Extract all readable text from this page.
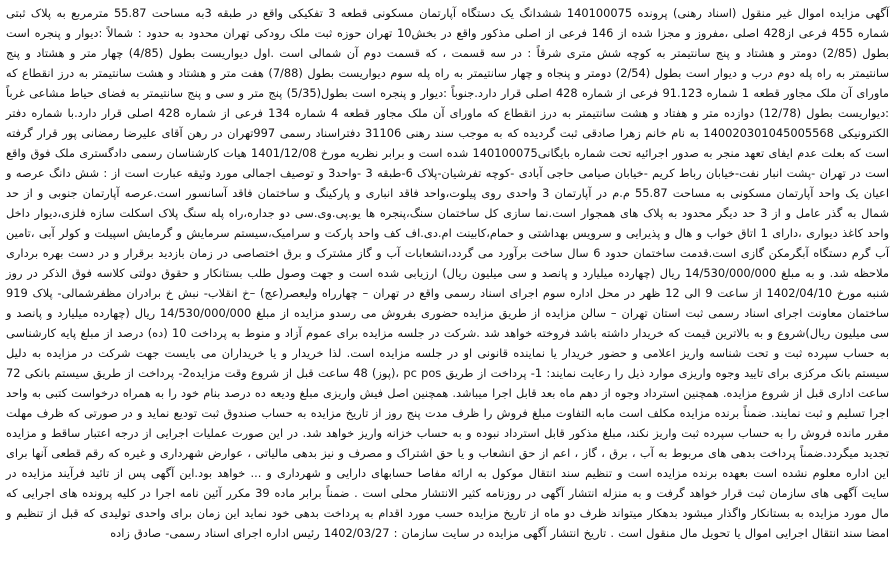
آگهی مزایده اموال غیر منقول (اسناد رهنی) پرونده 140100075 ششدانگ یک دستگاه آپارتمان مسکونی قطعه 3 تفکیکی واقع در طبقه 3به مساحت 55.87 مترمربع به پلاک ثبتی شماره 455 فرعی از428 اصلی ،مفروز و مجزا شده از 146 فرعی از اصلی مذکور واقع در بخش10 تهران حوزه ثبت ملک رودکی تهران محدود به حدود : شمالاً :دیوار و پنجره است بطول (2/85) دومتر و هشتاد و پنج سانتیمتر به کوچه شش متری شرقاً : در سه قسمت ، که قسمت دوم آن شمالی است .اول دیواریست بطول (4/85) چهار متر و هشتاد و پنج سانتیمتر به راه پله دوم درب و دیوار است بطول (2/54) دومتر و پنجاه و چهار سانتیمتر به راه پله سوم دیواریست بطول (7/88) هفت متر و هشتاد و هشت سانتیمتر به درز انقطاع که ماورای آن ملک مجاور قطعه 1 شماره 91.123 فرعی از شماره 428 اصلی قرار دارد.جنوباً :دیوار و پنجره است بطول(5/35) پنج متر و سی و پنج سانتیمتر به فضای حیاط مشاعی غرباً :دیواریست بطول (12/78) دوازده متر و هفتاد و هشت سانتیمتر به درز انقطاع که ماورای آن ملک مجاور قطعه 4 شماره 134 فرعی از شماره 428 اصلی قرار دارد.با شماره دفتر الکترونیکی 140020301045005568 به نام خانم زهرا صادقی ثبت گردیده که به موجب سند رهنی 31106 دفتراسناد رسمی 997تهران در رهن آقای علیرضا رمضانی پور قرار گرفته است که بعلت عدم ایفای تعهد منجر به صدور اجرائیه تحت شماره بایگانی140100075 شده است و برابر نظریه مورخ 1401/12/08 هیات کارشناسان رسمی دادگستری ملک فوق واقع است در تهران -پشت انبار نفت-خیابان رباط کریم -خیابان صیامی حاجی آبادی -کوچه تفرشیان-پلاک 6-طبقه 3 -واحد3 و توصیف اجمالی مورد وثیقه عبارت است از : شش دانگ عرصه و اعیان یک واحد آپارتمان مسکونی به مساحت 55.87 م.م در آپارتمان 3 واحدی روی پیلوت،واحد فاقد انباری و پارکینگ و ساختمان فاقد آسانسور است.عرصه آپارتمان جنوبی و از حد شمال به گذر عامل و از 3 حد دیگر محدود به پلاک های همجوار است.نما سازی کل ساختمان سنگ،پنجره ها یو.پی.وی.سی دو جداره،راه پله سنگ پلاک اسکلت سازه فلزی،دیوار داخل واحد کاغذ دیواری ،دارای 1 اتاق خواب و هال و پذیرایی و سرویس بهداشتی و حمام،کابینت ام.دی.اف کف واحد پارکت و سرامیک،سیستم سرمایش و گرمایش اسپیلت و کولر آبی ،تامین آب گرم دستگاه آبگرمکن گازی است.قدمت ساختمان حدود 6 سال ساخت برآورد می گردد،انشعابات آب و گاز مشترک و برق اختصاصی در زمان بازدید برقرار و در دست بهره برداری ملاحظه شد. و به مبلغ 14/530/000/000 ریال (چهارده میلیارد و پانصد و سی میلیون ریال) ارزیابی شده است و جهت وصول طلب بستانکار و حقوق دولتی کلاسه فوق الذکر در روز شنبه مورخ 1402/04/10 از ساعت 9 الی 12 ظهر در محل اداره سوم اجرای اسناد رسمی واقع در تهران – چهارراه ولیعصر(عج) –خ انقلاب- نبش خ برادران مظفرشمالی- پلاک 919 ساختمان معاونت اجرای اسناد رسمی ثبت استان تهران – سالن مزایده از طریق مزایده حضوری بفروش می رسدو مزایده از مبلغ 14/530/000/000 ریال (چهارده میلیارد و پانصد و سی میلیون ریال)شروع و به بالاترین قیمت که خریدار داشته باشد فروخته خواهد شد .شرکت در جلسه مزایده برای عموم آزاد و منوط به پرداخت 10 (ده) درصد از مبلغ پایه کارشناسی به حساب سپرده ثبت و تحت شناسه واریز اعلامی و حضور خریدار یا نماینده قانونی او در جلسه مزایده است. لذا خریدار و یا خریداران می بایست جهت شرکت در مزایده به دلیل سیستم بانک مرکزی برای تایید وجوه واریزی موارد ذیل را رعایت نمایند: 1- پرداخت از طریق pc pos ،(پوز) 48 ساعت قبل از شروع وقت مزایده2- پرداخت از طریق سیستم بانکی 72 ساعت اداری قبل از شروع مزایده. همچنین استرداد وجوه از دهم ماه بعد قابل اجرا میباشد. همچنین اصل فیش واریزی مبلغ ودیعه ده درصد بنام خود را به همراه درخواست کتبی به واحد اجرا تسلیم و ثبت نمایند. ضمناً برنده مزایده مکلف است مابه التفاوت مبلغ فروش را ظرف مدت پنج روز از تاریخ مزایده به حساب صندوق ثبت تودیع نماید و در صورتی که ظرف مهلت مقرر مانده فروش را به حساب سپرده ثبت واریز نکند، مبلغ مذکور قابل استرداد نبوده و به حساب خزانه واریز خواهد شد. در این صورت عملیات اجرایی از درجه اعتبار ساقط و مزایده تجدید میگردد.ضمناً پرداخت بدهی های مربوط به آب ، برق ، گاز ، اعم از حق انشعاب و یا حق اشتراک و مصرف و نیز بدهی مالیاتی ، عوارض شهرداری و غیره که رقم قطعی آنها برای این اداره معلوم نشده است بعهده برنده مزایده است و تنظیم سند انتقال موکول به ارائه مفاصا حسابهای دارایی و شهرداری و ... خواهد بود.این آگهی پس از تائید فرآیند مزایده در سایت آگهی های سازمان ثبت قرار خواهد گرفت و به منزله انتشار آگهی در روزنامه کثیر الانتشار محلی است . ضمناً برابر ماده 39 مکرر آئین نامه اجرا در کلیه پرونده های اجرایی که مال مورد مزایده به بستانکار واگذار میشود بدهکار میتواند ظرف دو ماه از تاریخ مزایده حسب مورد اقدام به پرداخت بدهی خود نماید این زمان برای واحدی تولیدی که قبل از تنظیم و امضا سند انتقال اجرایی اموال یا تحویل مال منقول است . تاریخ انتشار آگهی مزایده در سایت سازمان : 1402/03/27 رئیس اداره اجرای اسناد رسمی- صادق زاده
